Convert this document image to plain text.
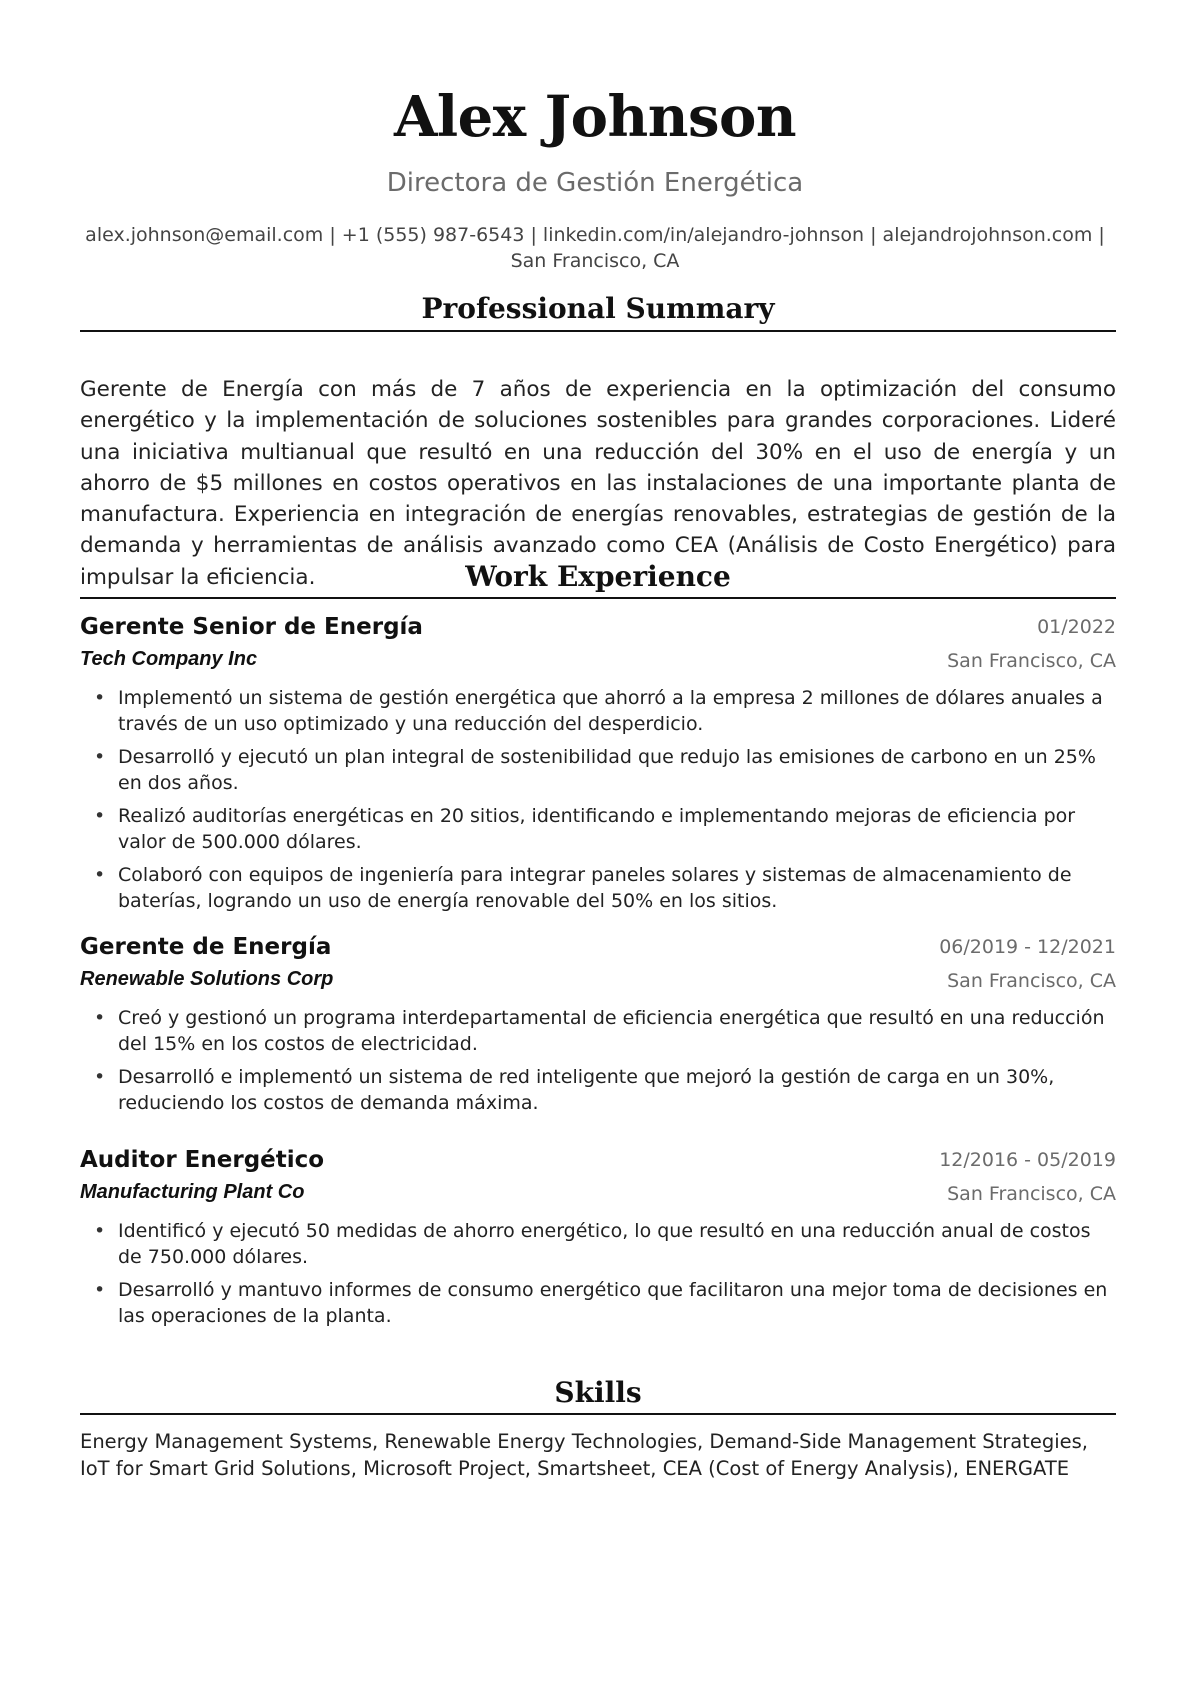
Alex Johnson
Directora de Gestión Energética
alex.johnson@email.com | +1 (555) 987-6543 | linkedin.com/in/alejandro-johnson | alejandrojohnson.com |
San Francisco, CA
Professional Summary
Gerente de Energía con más de 7 años de experiencia en la optimización del consumo energético y la implementación de soluciones sostenibles para grandes corporaciones. Lideré una iniciativa multianual que resultó en una reducción del 30% en el uso de energía y un ahorro de $5 millones en costos operativos en las instalaciones de una importante planta de manufactura. Experiencia en integración de energías renovables, estrategias de gestión de la demanda y herramientas de análisis avanzado como CEA (Análisis de Costo Energético) para impulsar la eficiencia.	Work Experience
Gerente Senior de Energía	01/2022
Tech Company Inc	San Francisco, CA
• Implementó un sistema de gestión energética que ahorró a la empresa 2 millones de dólares anuales a través de un uso optimizado y una reducción del desperdicio.
• Desarrolló y ejecutó un plan integral de sostenibilidad que redujo las emisiones de carbono en un 25% en dos años.
• Realizó auditorías energéticas en 20 sitios, identificando e implementando mejoras de eficiencia por valor de 500.000 dólares.
• Colaboró con equipos de ingeniería para integrar paneles solares y sistemas de almacenamiento de baterías, logrando un uso de energía renovable del 50% en los sitios.
Gerente de Energía	06/2019 - 12/2021
Renewable Solutions Corp	San Francisco, CA
• Creó y gestionó un programa interdepartamental de eficiencia energética que resultó en una reducción del 15% en los costos de electricidad.
• Desarrolló e implementó un sistema de red inteligente que mejoró la gestión de carga en un 30%, reduciendo los costos de demanda máxima.
Auditor Energético	12/2016 - 05/2019
Manufacturing Plant Co	San Francisco, CA
• Identificó y ejecutó 50 medidas de ahorro energético, lo que resultó en una reducción anual de costos de 750.000 dólares.
• Desarrolló y mantuvo informes de consumo energético que facilitaron una mejor toma de decisiones en las operaciones de la planta.
Skills
Energy Management Systems, Renewable Energy Technologies, Demand-Side Management Strategies, IoT for Smart Grid Solutions, Microsoft Project, Smartsheet, CEA (Cost of Energy Analysis), ENERGATE
